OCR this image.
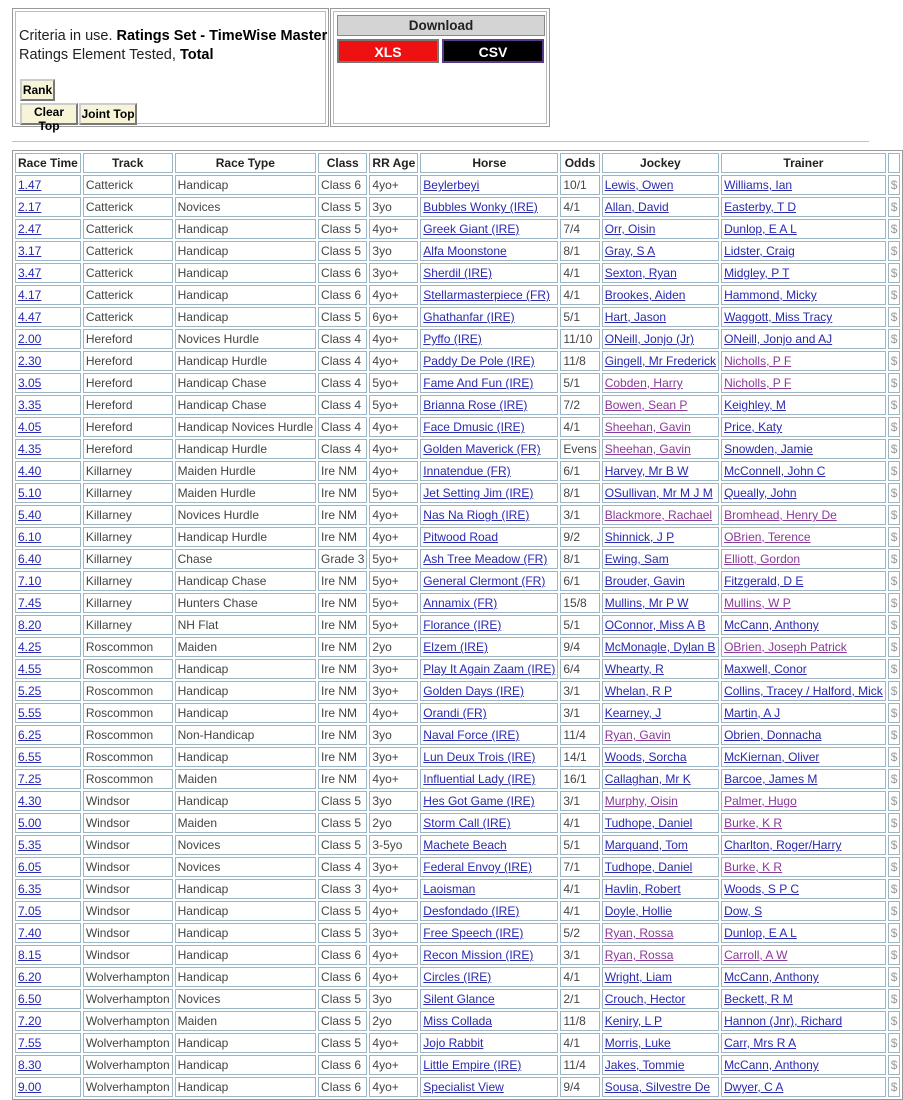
Criteria in use. Ratings Set - TimeWise Master
Ratings Element Tested, Total
Rank
Clear Top
Joint Top
Download
XLS	CSV
Race Time	Track	Race Type	Class	RR Age	Horse	Odds	Jockey	Trainer	
1.47	Catterick	Handicap	Class 6	4yo+	Beylerbeyi	10/1	Lewis, Owen	Williams, Ian	$
2.17	Catterick	Novices	Class 5	3yo	Bubbles Wonky (IRE)	4/1	Allan, David	Easterby, T D	$
2.47	Catterick	Handicap	Class 5	4yo+	Greek Giant (IRE)	7/4	Orr, Oisin	Dunlop, E A L	$
3.17	Catterick	Handicap	Class 5	3yo	Alfa Moonstone	8/1	Gray, S A	Lidster, Craig	$
3.47	Catterick	Handicap	Class 6	3yo+	Sherdil (IRE)	4/1	Sexton, Ryan	Midgley, P T	$
4.17	Catterick	Handicap	Class 6	4yo+	Stellarmasterpiece (FR)	4/1	Brookes, Aiden	Hammond, Micky	$
4.47	Catterick	Handicap	Class 5	6yo+	Ghathanfar (IRE)	5/1	Hart, Jason	Waggott, Miss Tracy	$
2.00	Hereford	Novices Hurdle	Class 4	4yo+	Pyffo (IRE)	11/10	ONeill, Jonjo (Jr)	ONeill, Jonjo and AJ	$
2.30	Hereford	Handicap Hurdle	Class 4	4yo+	Paddy De Pole (IRE)	11/8	Gingell, Mr Frederick	Nicholls, P F	$
3.05	Hereford	Handicap Chase	Class 4	5yo+	Fame And Fun (IRE)	5/1	Cobden, Harry	Nicholls, P F	$
3.35	Hereford	Handicap Chase	Class 4	5yo+	Brianna Rose (IRE)	7/2	Bowen, Sean P	Keighley, M	$
4.05	Hereford	Handicap Novices Hurdle	Class 4	4yo+	Face Dmusic (IRE)	4/1	Sheehan, Gavin	Price, Katy	$
4.35	Hereford	Handicap Hurdle	Class 4	4yo+	Golden Maverick (FR)	Evens	Sheehan, Gavin	Snowden, Jamie	$
4.40	Killarney	Maiden Hurdle	Ire NM	4yo+	Innatendue (FR)	6/1	Harvey, Mr B W	McConnell, John C	$
5.10	Killarney	Maiden Hurdle	Ire NM	5yo+	Jet Setting Jim (IRE)	8/1	OSullivan, Mr M J M	Queally, John	$
5.40	Killarney	Novices Hurdle	Ire NM	4yo+	Nas Na Riogh (IRE)	3/1	Blackmore, Rachael	Bromhead, Henry De	$
6.10	Killarney	Handicap Hurdle	Ire NM	4yo+	Pitwood Road	9/2	Shinnick, J P	OBrien, Terence	$
6.40	Killarney	Chase	Grade 3	5yo+	Ash Tree Meadow (FR)	8/1	Ewing, Sam	Elliott, Gordon	$
7.10	Killarney	Handicap Chase	Ire NM	5yo+	General Clermont (FR)	6/1	Brouder, Gavin	Fitzgerald, D E	$
7.45	Killarney	Hunters Chase	Ire NM	5yo+	Annamix (FR)	15/8	Mullins, Mr P W	Mullins, W P	$
8.20	Killarney	NH Flat	Ire NM	5yo+	Florance (IRE)	5/1	OConnor, Miss A B	McCann, Anthony	$
4.25	Roscommon	Maiden	Ire NM	2yo	Elzem (IRE)	9/4	McMonagle, Dylan B	OBrien, Joseph Patrick	$
4.55	Roscommon	Handicap	Ire NM	3yo+	Play It Again Zaam (IRE)	6/4	Whearty, R	Maxwell, Conor	$
5.25	Roscommon	Handicap	Ire NM	3yo+	Golden Days (IRE)	3/1	Whelan, R P	Collins, Tracey / Halford, Mick	$
5.55	Roscommon	Handicap	Ire NM	4yo+	Orandi (FR)	3/1	Kearney, J	Martin, A J	$
6.25	Roscommon	Non-Handicap	Ire NM	3yo	Naval Force (IRE)	11/4	Ryan, Gavin	Obrien, Donnacha	$
6.55	Roscommon	Handicap	Ire NM	3yo+	Lun Deux Trois (IRE)	14/1	Woods, Sorcha	McKiernan, Oliver	$
7.25	Roscommon	Maiden	Ire NM	4yo+	Influential Lady (IRE)	16/1	Callaghan, Mr K	Barcoe, James M	$
4.30	Windsor	Handicap	Class 5	3yo	Hes Got Game (IRE)	3/1	Murphy, Oisin	Palmer, Hugo	$
5.00	Windsor	Maiden	Class 5	2yo	Storm Call (IRE)	4/1	Tudhope, Daniel	Burke, K R	$
5.35	Windsor	Novices	Class 5	3-5yo	Machete Beach	5/1	Marquand, Tom	Charlton, Roger/Harry	$
6.05	Windsor	Novices	Class 4	3yo+	Federal Envoy (IRE)	7/1	Tudhope, Daniel	Burke, K R	$
6.35	Windsor	Handicap	Class 3	4yo+	Laoisman	4/1	Havlin, Robert	Woods, S P C	$
7.05	Windsor	Handicap	Class 5	4yo+	Desfondado (IRE)	4/1	Doyle, Hollie	Dow, S	$
7.40	Windsor	Handicap	Class 5	3yo+	Free Speech (IRE)	5/2	Ryan, Rossa	Dunlop, E A L	$
8.15	Windsor	Handicap	Class 6	4yo+	Recon Mission (IRE)	3/1	Ryan, Rossa	Carroll, A W	$
6.20	Wolverhampton	Handicap	Class 6	4yo+	Circles (IRE)	4/1	Wright, Liam	McCann, Anthony	$
6.50	Wolverhampton	Novices	Class 5	3yo	Silent Glance	2/1	Crouch, Hector	Beckett, R M	$
7.20	Wolverhampton	Maiden	Class 5	2yo	Miss Collada	11/8	Keniry, L P	Hannon (Jnr), Richard	$
7.55	Wolverhampton	Handicap	Class 5	4yo+	Jojo Rabbit	4/1	Morris, Luke	Carr, Mrs R A	$
8.30	Wolverhampton	Handicap	Class 6	4yo+	Little Empire (IRE)	11/4	Jakes, Tommie	McCann, Anthony	$
9.00	Wolverhampton	Handicap	Class 6	4yo+	Specialist View	9/4	Sousa, Silvestre De	Dwyer, C A	$
